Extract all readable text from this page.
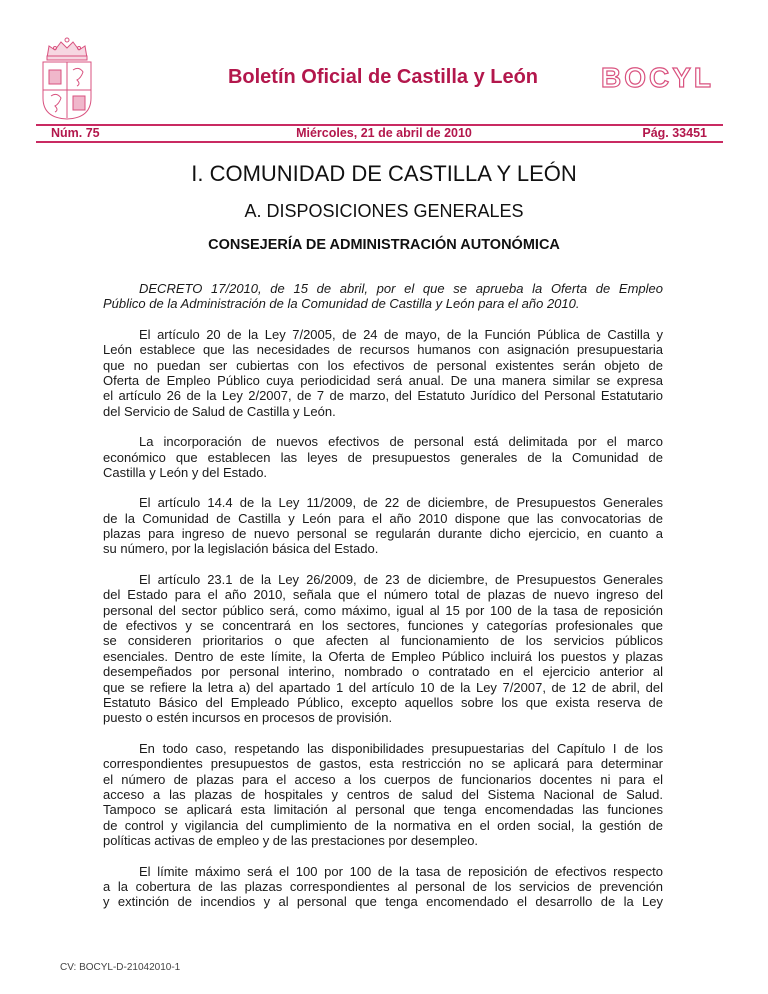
Boletín Oficial de Castilla y León	BOCYL
Núm. 75	Miércoles, 21 de abril de 2010	Pág. 33451
I. COMUNIDAD DE CASTILLA Y LEÓN
A. DISPOSICIONES GENERALES
CONSEJERÍA DE ADMINISTRACIÓN AUTONÓMICA
DECRETO 17/2010, de 15 de abril, por el que se aprueba la Oferta de Empleo
Público de la Administración de la Comunidad de Castilla y León para el año 2010.
El artículo 20 de la Ley 7/2005, de 24 de mayo, de la Función Pública de Castilla y
León establece que las necesidades de recursos humanos con asignación presupuestaria
que no puedan ser cubiertas con los efectivos de personal existentes serán objeto de
Oferta de Empleo Público cuya periodicidad será anual. De una manera similar se expresa
el artículo 26 de la Ley 2/2007, de 7 de marzo, del Estatuto Jurídico del Personal Estatutario
del Servicio de Salud de Castilla y León.
La incorporación de nuevos efectivos de personal está delimitada por el marco
económico que establecen las leyes de presupuestos generales de la Comunidad de
Castilla y León y del Estado.
El artículo 14.4 de la Ley 11/2009, de 22 de diciembre, de Presupuestos Generales
de la Comunidad de Castilla y León para el año 2010 dispone que las convocatorias de
plazas para ingreso de nuevo personal se regularán durante dicho ejercicio, en cuanto a
su número, por la legislación básica del Estado.
El artículo 23.1 de la Ley 26/2009, de 23 de diciembre, de Presupuestos Generales
del Estado para el año 2010, señala que el número total de plazas de nuevo ingreso del
personal del sector público será, como máximo, igual al 15 por 100 de la tasa de reposición
de efectivos y se concentrará en los sectores, funciones y categorías profesionales que
se consideren prioritarios o que afecten al funcionamiento de los servicios públicos
esenciales. Dentro de este límite, la Oferta de Empleo Público incluirá los puestos y plazas
desempeñados por personal interino, nombrado o contratado en el ejercicio anterior al
que se refiere la letra a) del apartado 1 del artículo 10 de la Ley 7/2007, de 12 de abril, del
Estatuto Básico del Empleado Público, excepto aquellos sobre los que exista reserva de
puesto o estén incursos en procesos de provisión.
En todo caso, respetando las disponibilidades presupuestarias del Capítulo I de los
correspondientes presupuestos de gastos, esta restricción no se aplicará para determinar
el número de plazas para el acceso a los cuerpos de funcionarios docentes ni para el
acceso a las plazas de hospitales y centros de salud del Sistema Nacional de Salud.
Tampoco se aplicará esta limitación al personal que tenga encomendadas las funciones
de control y vigilancia del cumplimiento de la normativa en el orden social, la gestión de
políticas activas de empleo y de las prestaciones por desempleo.
El límite máximo será el 100 por 100 de la tasa de reposición de efectivos respecto
a la cobertura de las plazas correspondientes al personal de los servicios de prevención
y extinción de incendios y al personal que tenga encomendado el desarrollo de la Ley
CV: BOCYL-D-21042010-1
